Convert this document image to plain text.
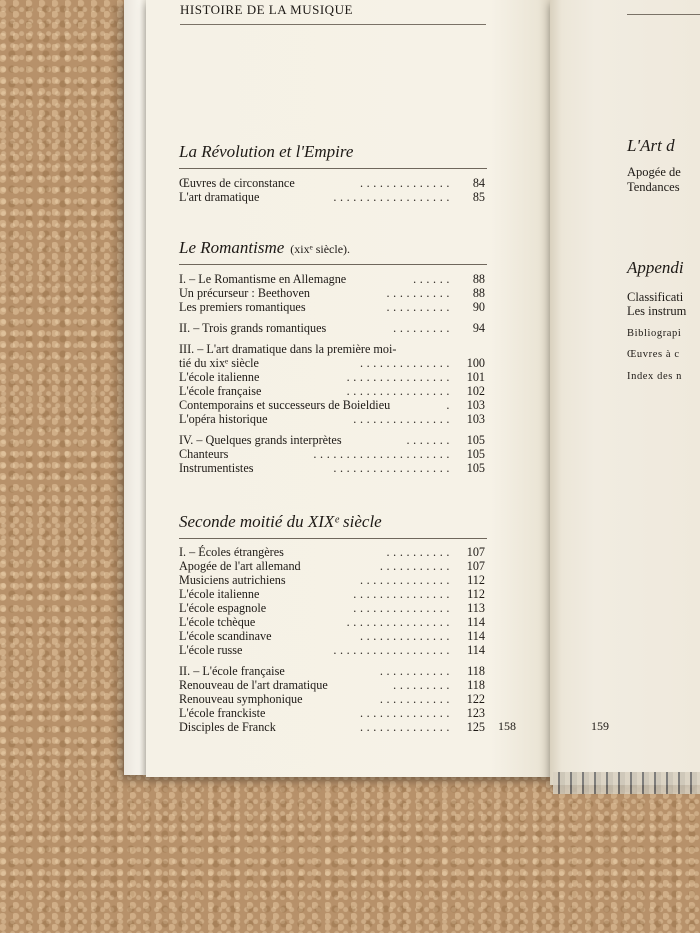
HISTOIRE DE LA MUSIQUE
La Révolution et l'Empire
Œuvres de circonstance	.............. 84
L'art dramatique	.................. 85
Le Romantisme (xixᵉ siècle).
I. – Le Romantisme en Allemagne	...... 88
Un précurseur : Beethoven	.......... 88
Les premiers romantiques	.......... 90
II. – Trois grands romantiques	......... 94
III. – L'art dramatique dans la première moi-
tié du xixᵉ siècle	.............. 100
L'école italienne	................ 101
L'école française	................ 102
Contemporains et successeurs de Boieldieu	. 103
L'opéra historique	............... 103
IV. – Quelques grands interprètes	....... 105
Chanteurs	..................... 105
Instrumentistes	.................. 105
Seconde moitié du XIXᵉ siècle
I. – Écoles étrangères	.......... 107
Apogée de l'art allemand	........... 107
Musiciens autrichiens	.............. 112
L'école italienne	............... 112
L'école espagnole	............... 113
L'école tchèque	................ 114
L'école scandinave	.............. 114
L'école russe	.................. 114
II. – L'école française	........... 118
Renouveau de l'art dramatique	......... 118
Renouveau symphonique	........... 122
L'école franckiste	.............. 123
Disciples de Franck	.............. 125 158
L'Art d
Apogée de
Tendances
Appendi
Classificati
Les instrum
Bibliograpi
Œuvres à c
Index des n
159
